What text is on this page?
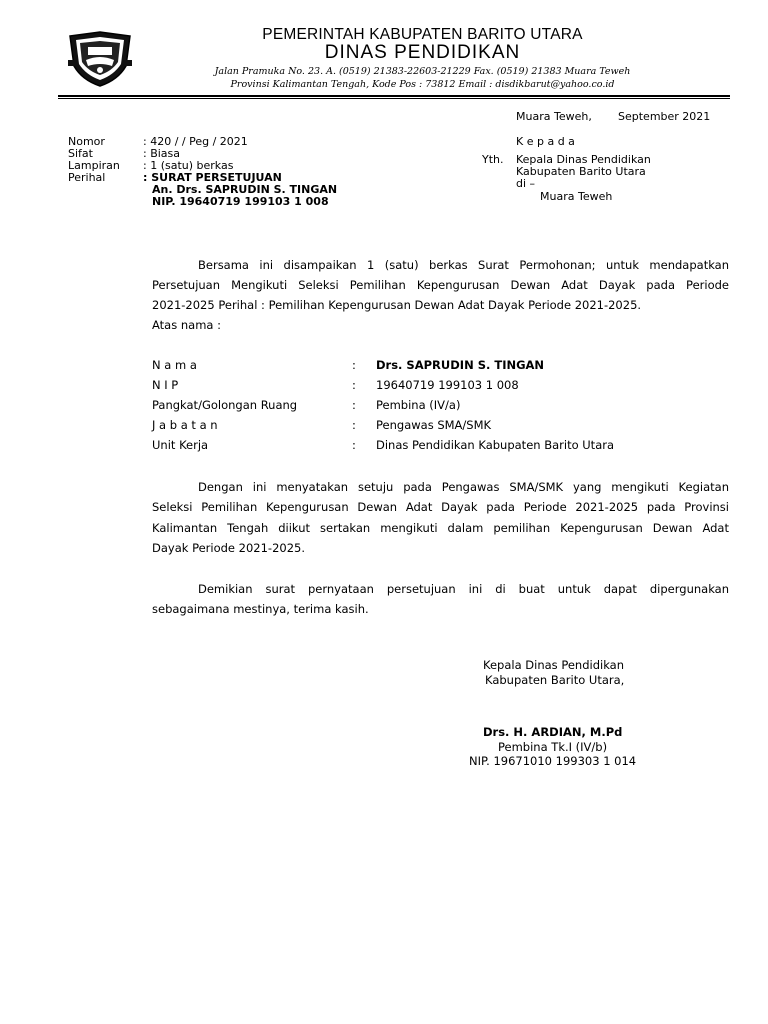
PEMERINTAH KABUPATEN BARITO UTARA
DINAS PENDIDIKAN
Jalan Pramuka No. 23. A. (0519) 21383-22603-21229 Fax. (0519) 21383 Muara Teweh
Provinsi Kalimantan Tengah, Kode Pos : 73812 Email : disdikbarut@yahoo.co.id
Muara Teweh, September 2021
Nomor	: 420 / / Peg / 2021
Sifat	: Biasa
Lampiran : 1 (satu) berkas
Perihal	: SURAT PERSETUJUAN
An. Drs. SAPRUDIN S. TINGAN
NIP. 19640719 199103 1 008
K e p a d a
Yth. Kepala Dinas Pendidikan
Kabupaten Barito Utara
di –
Muara Teweh
Bersama ini disampaikan 1 (satu) berkas Surat Permohonan; untuk mendapatkan
Persetujuan Mengikuti Seleksi Pemilihan Kepengurusan Dewan Adat Dayak pada Periode
2021-2025 Perihal : Pemilihan Kepengurusan Dewan Adat Dayak Periode 2021-2025.
Atas nama :
N a m a	: Drs. SAPRUDIN S. TINGAN
N I P	: 19640719 199103 1 008
Pangkat/Golongan Ruang	: Pembina (IV/a)
J a b a t a n	: Pengawas SMA/SMK
Unit Kerja	: Dinas Pendidikan Kabupaten Barito Utara
Dengan ini menyatakan setuju pada Pengawas SMA/SMK yang mengikuti Kegiatan
Seleksi Pemilihan Kepengurusan Dewan Adat Dayak pada Periode 2021-2025 pada Provinsi
Kalimantan Tengah diikut sertakan mengikuti dalam pemilihan Kepengurusan Dewan Adat
Dayak Periode 2021-2025.
Demikian surat pernyataan persetujuan ini di buat untuk dapat dipergunakan
sebagaimana mestinya, terima kasih.
Kepala Dinas Pendidikan
Kabupaten Barito Utara,
Drs. H. ARDIAN, M.Pd
Pembina Tk.I (IV/b)
NIP. 19671010 199303 1 014
